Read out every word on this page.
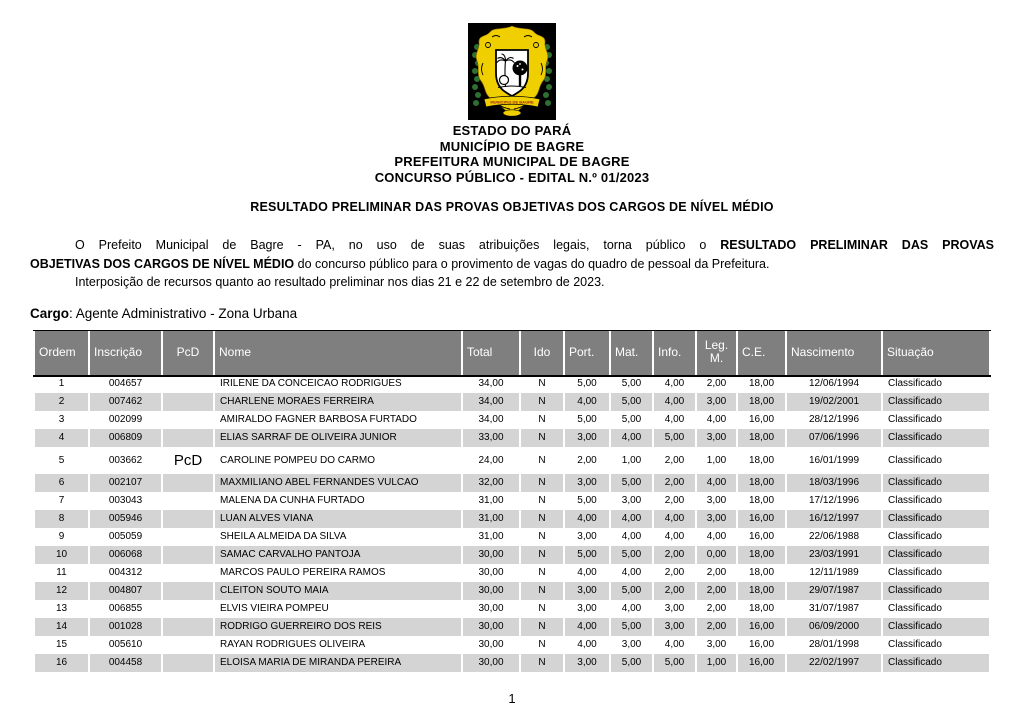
MUNICIPIO DE BAGRE
ESTADO DO PARÁ
MUNICÍPIO DE BAGRE
PREFEITURA MUNICIPAL DE BAGRE
CONCURSO PÚBLICO - EDITAL N.º 01/2023
RESULTADO PRELIMINAR DAS PROVAS OBJETIVAS DOS CARGOS DE NÍVEL MÉDIO
O Prefeito Municipal de Bagre - PA, no uso de suas atribuições legais, torna público o RESULTADO PRELIMINAR DAS PROVAS
OBJETIVAS DOS CARGOS DE NÍVEL MÉDIO do concurso público para o provimento de vagas do quadro de pessoal da Prefeitura.
Interposição de recursos quanto ao resultado preliminar nos dias 21 e 22 de setembro de 2023.
Cargo: Agente Administrativo - Zona Urbana
Ordem	Inscrição	PcD	Nome	Total	Ido	Port.	Mat.	Info.	Leg. M.	C.E.	Nascimento	Situação
1	004657		IRILENE DA CONCEICAO RODRIGUES	34,00	N	5,00	5,00	4,00	2,00	18,00	12/06/1994	Classificado
2	007462		CHARLENE MORAES FERREIRA	34,00	N	4,00	5,00	4,00	3,00	18,00	19/02/2001	Classificado
3	002099		AMIRALDO FAGNER BARBOSA FURTADO	34,00	N	5,00	5,00	4,00	4,00	16,00	28/12/1996	Classificado
4	006809		ELIAS SARRAF DE OLIVEIRA JUNIOR	33,00	N	3,00	4,00	5,00	3,00	18,00	07/06/1996	Classificado
5	003662	PcD	CAROLINE POMPEU DO CARMO	24,00	N	2,00	1,00	2,00	1,00	18,00	16/01/1999	Classificado
6	002107		MAXMILIANO ABEL FERNANDES VULCAO	32,00	N	3,00	5,00	2,00	4,00	18,00	18/03/1996	Classificado
7	003043		MALENA DA CUNHA FURTADO	31,00	N	5,00	3,00	2,00	3,00	18,00	17/12/1996	Classificado
8	005946		LUAN ALVES VIANA	31,00	N	4,00	4,00	4,00	3,00	16,00	16/12/1997	Classificado
9	005059		SHEILA ALMEIDA DA SILVA	31,00	N	3,00	4,00	4,00	4,00	16,00	22/06/1988	Classificado
10	006068		SAMAC CARVALHO PANTOJA	30,00	N	5,00	5,00	2,00	0,00	18,00	23/03/1991	Classificado
11	004312		MARCOS PAULO PEREIRA RAMOS	30,00	N	4,00	4,00	2,00	2,00	18,00	12/11/1989	Classificado
12	004807		CLEITON SOUTO MAIA	30,00	N	3,00	5,00	2,00	2,00	18,00	29/07/1987	Classificado
13	006855		ELVIS VIEIRA POMPEU	30,00	N	3,00	4,00	3,00	2,00	18,00	31/07/1987	Classificado
14	001028		RODRIGO GUERREIRO DOS REIS	30,00	N	4,00	5,00	3,00	2,00	16,00	06/09/2000	Classificado
15	005610		RAYAN RODRIGUES OLIVEIRA	30,00	N	4,00	3,00	4,00	3,00	16,00	28/01/1998	Classificado
16	004458		ELOISA MARIA DE MIRANDA PEREIRA	30,00	N	3,00	5,00	5,00	1,00	16,00	22/02/1997	Classificado
1
